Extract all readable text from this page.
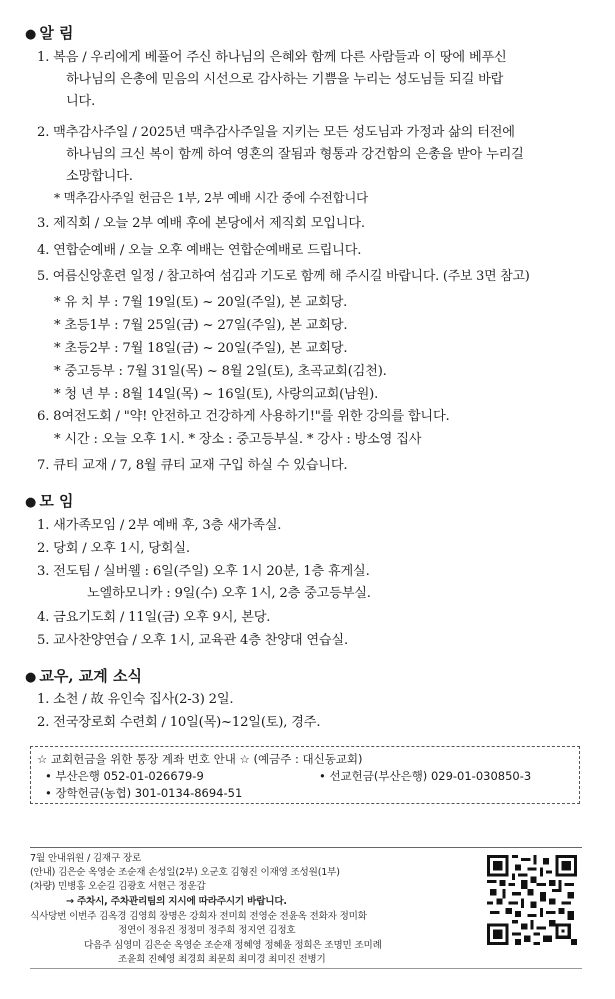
● 알 림
1. 복음 / 우리에게 베풀어 주신 하나님의 은혜와 함께 다른 사람들과 이 땅에 베푸신
하나님의 은총에 믿음의 시선으로 감사하는 기쁨을 누리는 성도님들 되길 바랍
니다.
2. 맥추감사주일 / 2025년 맥추감사주일을 지키는 모든 성도님과 가정과 삶의 터전에
하나님의 크신 복이 함께 하여 영혼의 잘됨과 형통과 강건함의 은총을 받아 누리길
소망합니다.
* 맥추감사주일 헌금은 1부, 2부 예배 시간 중에 수전합니다
3. 제직회 / 오늘 2부 예배 후에 본당에서 제직회 모입니다.
4. 연합순예배 / 오늘 오후 예배는 연합순예배로 드립니다.
5. 여름신앙훈련 일정 / 참고하여 섬김과 기도로 함께 해 주시길 바랍니다. (주보 3면 참고)
* 유 치 부 : 7월 19일(토) ~ 20일(주일), 본 교회당.
* 초등1부 : 7월 25일(금) ~ 27일(주일), 본 교회당.
* 초등2부 : 7월 18일(금) ~ 20일(주일), 본 교회당.
* 중고등부 : 7월 31일(목) ~ 8월 2일(토), 초곡교회(김천).
* 청 년 부 : 8월 14일(목) ~ 16일(토), 사랑의교회(남원).
6. 8여전도회 / "약! 안전하고 건강하게 사용하기!"를 위한 강의를 합니다.
* 시간 : 오늘 오후 1시. * 장소 : 중고등부실. * 강사 : 방소영 집사
7. 큐티 교재 / 7, 8월 큐티 교재 구입 하실 수 있습니다.
● 모 임
1. 새가족모임 / 2부 예배 후, 3층 새가족실.
2. 당회 / 오후 1시, 당회실.
3. 전도팀 / 실버웰 : 6일(주일) 오후 1시 20분, 1층 휴게실.
노엘하모니카 : 9일(수) 오후 1시, 2층 중고등부실.
4. 금요기도회 / 11일(금) 오후 9시, 본당.
5. 교사찬양연습 / 오후 1시, 교육관 4층 찬양대 연습실.
● 교우, 교계 소식
1. 소천 / 故 유인숙 집사(2-3) 2일.
2. 전국장로회 수련회 / 10일(목)~12일(토), 경주.
☆ 교회헌금을 위한 통장 계좌 번호 안내 ☆ (예금주 : 대신동교회)
• 부산은행 052-01-026679-9	• 선교헌금(부산은행) 029-01-030850-3
• 장학헌금(농협) 301-0134-8694-51
7월 안내위원 / 김재구 장로
(안내) 김은순 옥영순 조순재 손성일(2부) 오군호 김형진 이재영 조성원(1부)
(차량) 민병홍 오순길 김광호 서현근 정운갑
→ 주차시, 주차관리팀의 지시에 따라주시기 바랍니다.
식사당번 이번주 김옥경 김영희 장명은 강희자 전미희 전영순 전윤옥 전화자 정미화
정연이 정유진 정정미 정주희 정지연 김정호
다음주 심영미 김은순 옥영순 조순재 정혜영 정혜윤 정희은 조명민 조미례
조윤희 진혜영 최경희 최문희 최미경 최미진 전병기
